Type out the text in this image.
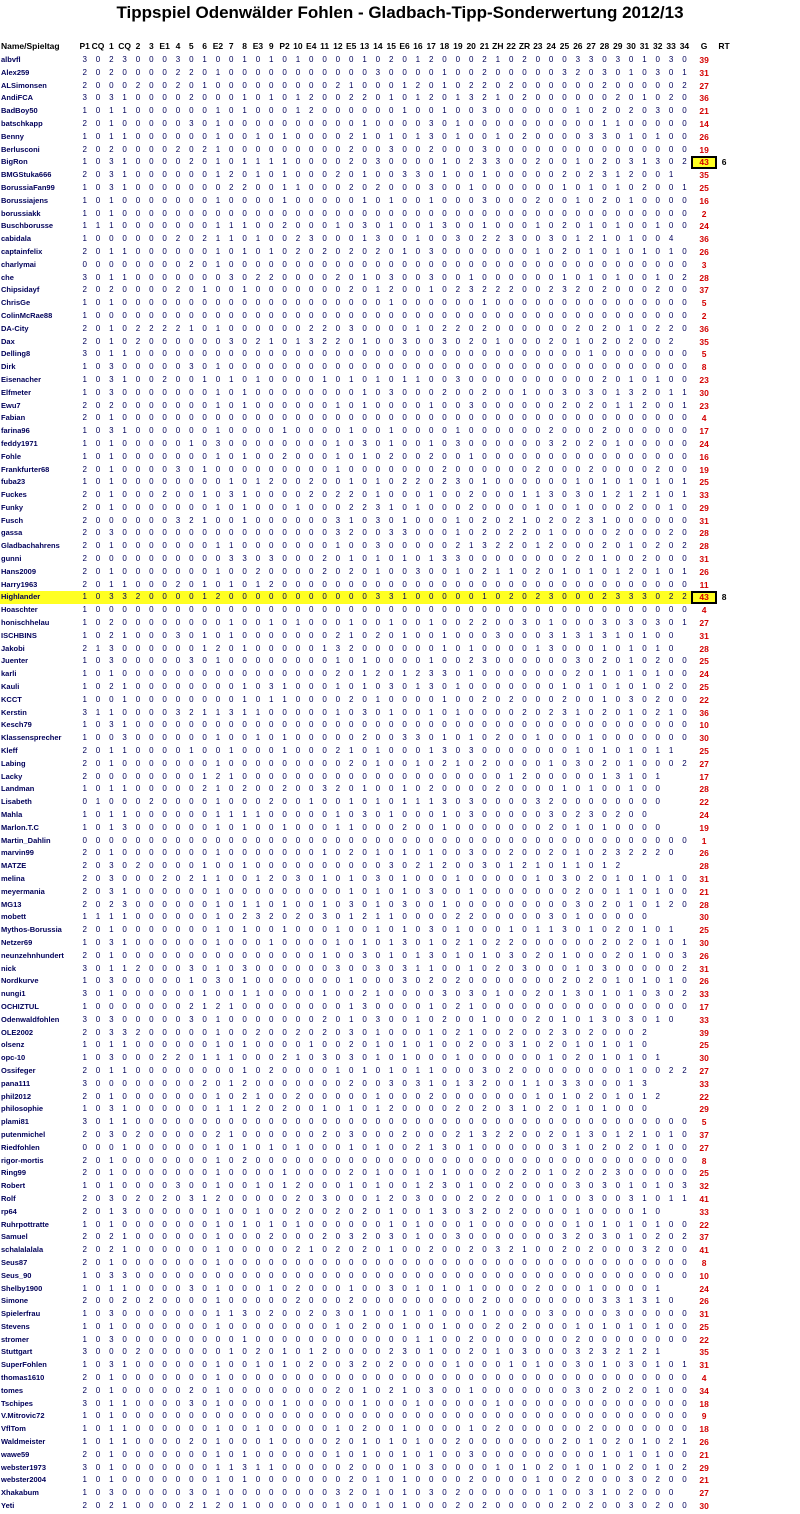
Tippspiel Odenwälder Fohlen - Gladbach-Tipp-Sonderwertung 2012/13
Name/Spieltag	P1	CQ	1	CQ	2	3	E1	4	5	6	E2	7	8	E3	9	P2	10	E4	11	12	E5	13	14	15	E6	16	17	18	19	20	21	ZH	22	ZR	23	24	25	26	27	28	29	30	31	32	33	34	G	RT
albvfl	3	0	2	3	0	0	0	3	0	1	0	0	1	0	1	0	1	0	0	0	0	1	0	2	0	1	2	0	0	0	2	1	0	2	0	0	0	3	3	0	3	0	1	0	3	0	39	
Alex259	2	0	2	0	0	0	0	2	2	0	1	0	0	0	0	0	0	0	0	0	0	0	3	0	0	0	0	1	0	0	2	0	0	0	0	0	3	2	0	3	0	1	0	3	0	1	31	
ALSimonsen	2	0	0	0	2	0	0	2	0	1	0	0	0	0	0	0	0	0	0	2	1	0	0	0	1	2	0	1	0	2	2	0	2	0	0	0	0	0	0	2	0	0	0	0	0	2	27	
AndiFCA	3	0	3	1	0	0	0	0	2	0	0	0	1	0	1	0	1	2	0	0	2	2	0	1	0	1	2	0	1	3	2	1	0	2	0	0	0	0	0	0	2	0	1	0	2	0	36	
BadBoy50	1	0	1	1	0	0	0	0	0	0	1	0	1	0	0	0	1	2	0	0	0	0	0	0	1	0	0	1	0	0	3	0	0	0	0	0	0	1	0	2	0	2	0	3	0	0	21	
batschkapp	2	0	1	0	0	0	0	0	3	0	1	0	0	0	0	0	0	0	0	0	0	1	0	0	0	0	3	0	1	0	0	0	0	0	0	0	0	0	0	1	1	0	0	0	0	0	14	
Benny	1	0	1	1	0	0	0	0	0	0	1	0	0	1	0	1	0	0	0	0	2	1	0	1	0	1	3	0	1	0	0	1	0	2	0	0	0	0	3	3	0	1	0	1	0	0	26	
Berlusconi	2	0	2	0	0	0	0	2	0	2	1	0	0	0	0	0	0	0	0	0	2	0	0	3	0	0	2	0	0	0	3	0	0	0	0	0	0	0	0	0	0	0	0	0	0	0	19	
BigRon	1	0	3	1	0	0	0	0	2	0	1	0	1	1	1	1	0	0	0	0	2	0	3	0	0	0	0	1	0	2	3	3	0	0	2	0	0	1	0	2	0	3	1	3	0	2	43	6
BMGStuka666	2	0	3	1	0	0	0	0	0	0	1	2	0	1	0	1	0	0	0	2	0	1	0	0	3	3	0	1	0	0	1	0	0	0	0	0	2	0	2	3	1	2	0	0	1		35	
BorussiaFan99	1	0	3	1	0	0	0	0	0	0	0	2	2	0	0	1	1	0	0	0	2	0	2	0	0	0	3	0	0	1	0	0	0	0	0	0	1	0	1	0	1	0	2	0	0	1	25	
Borussiajens	1	0	1	0	0	0	0	0	0	0	1	0	0	0	0	1	0	0	0	0	0	1	0	1	0	0	1	0	0	0	3	0	0	0	2	0	0	1	0	2	0	1	0	0	0	0	16	
borussiakk	1	0	1	0	0	0	0	0	0	0	0	0	0	0	0	0	0	0	0	0	0	0	0	0	0	0	0	0	0	0	0	0	0	0	0	0	0	0	0	0	0	0	0	0	0	0	2	
Buschborusse	1	1	1	0	0	0	0	0	0	0	1	1	1	0	0	2	0	0	0	1	0	3	0	1	0	0	1	3	0	0	1	0	0	0	1	0	2	0	1	0	1	0	0	1	0	0	24	
cabidala	1	0	0	0	0	0	0	2	0	2	1	1	0	1	0	0	2	3	0	0	0	1	3	0	0	1	0	0	3	0	2	2	3	0	0	3	0	1	2	1	0	1	0	0	4		36	
captainfelix	2	0	1	1	0	0	0	0	0	0	1	0	1	0	1	0	2	0	2	0	2	0	2	0	1	0	3	0	0	0	0	0	0	0	1	0	2	0	1	0	1	0	1	0	1	0	26	
charlymai	0	0	0	0	0	0	0	0	2	0	1	0	0	0	0	0	0	0	0	0	0	0	0	0	0	0	0	0	0	0	0	0	0	0	0	0	0	0	0	0	0	0	0	0	0	0	3	
che	3	0	1	1	0	0	0	0	0	0	0	3	0	2	2	0	0	0	0	2	0	1	0	3	0	0	3	0	0	1	0	0	0	0	0	0	1	0	1	0	1	0	0	1	0	2	28	
Chipsidayf	2	0	2	0	0	0	0	2	0	1	0	0	1	0	0	0	0	0	0	0	2	0	1	2	0	0	1	0	2	3	2	2	2	0	0	2	3	2	0	2	0	0	0	2	0	0	37	
ChrisGe	1	0	1	0	0	0	0	0	0	0	0	0	0	0	0	0	0	0	0	0	0	0	0	1	0	0	0	0	0	0	1	0	0	0	0	0	0	0	0	0	0	0	0	0	0	0	5	
ColinMcRae88	1	0	0	0	0	0	0	0	0	0	0	0	0	0	0	0	0	0	0	0	0	0	0	0	0	0	0	0	0	0	0	0	0	0	0	0	0	0	0	0	0	0	0	0	0	0	2	
DA-City	2	0	1	0	2	2	2	2	1	0	1	0	0	0	0	0	0	2	2	0	3	0	0	0	0	1	0	2	2	0	2	0	0	0	0	0	0	2	0	2	0	1	0	2	2	0	36	
Dax	2	0	1	0	2	0	0	0	0	0	0	3	0	2	1	0	1	3	2	2	0	1	0	0	3	0	0	3	0	2	0	1	0	0	0	2	0	1	0	2	0	2	0	0	2		35	
Delling8	3	0	1	1	0	0	0	0	0	0	0	0	0	0	0	0	0	0	0	0	0	0	0	0	0	0	0	0	0	0	0	0	0	0	0	0	0	0	1	0	0	0	0	0	0	0	5	
Dirk	1	0	3	0	0	0	0	0	3	0	1	0	0	0	0	0	0	0	0	0	0	0	0	0	0	0	0	0	0	0	0	0	0	0	0	0	0	0	0	0	0	0	0	0	0	0	8	
Eisenacher	1	0	3	1	0	0	2	0	0	1	0	1	0	1	0	0	0	0	1	0	1	0	1	0	1	1	0	0	3	0	0	0	0	0	0	0	0	0	0	2	0	1	0	1	0	0	23	
Elfmeter	1	0	3	0	0	0	0	0	0	0	1	0	1	0	0	0	0	0	0	0	0	1	0	3	0	0	0	2	0	0	2	0	0	1	0	0	3	0	3	0	1	3	2	0	1	1	30	
Ewu7	2	0	2	0	0	0	0	0	0	0	1	0	1	0	0	0	0	0	0	1	0	1	0	0	0	0	1	0	0	3	0	0	0	0	0	0	2	0	2	0	1	1	2	0	0	1	23	
Fabian	2	0	1	0	0	0	0	0	0	0	0	0	0	0	0	0	0	0	0	0	0	0	0	0	0	0	0	0	0	0	0	0	0	0	0	0	0	0	0	0	0	0	0	0	0	0	4	
farina96	1	0	3	1	0	0	0	0	0	0	1	0	0	0	0	1	0	0	0	0	1	0	0	1	0	0	0	0	1	0	0	0	0	0	0	2	0	0	0	2	0	0	0	0	0	0	17	
feddy1971	1	0	1	0	0	0	0	0	1	0	3	0	0	0	0	0	0	0	0	1	0	3	0	1	0	0	1	0	3	0	0	0	0	0	0	3	2	0	2	0	1	0	0	0	0	0	24	
Fohle	1	0	1	0	0	0	0	0	0	0	1	0	1	0	0	2	0	0	0	1	0	1	0	2	0	0	2	0	0	1	0	0	0	0	0	0	0	0	0	0	0	0	0	0	0	0	16	
Frankfurter68	2	0	1	0	0	0	0	3	0	1	0	0	0	0	0	0	0	0	0	1	0	0	0	0	0	0	0	2	0	0	0	0	0	0	2	0	0	0	2	0	0	0	0	2	0	0	19	
fuba23	1	0	1	0	0	0	0	0	0	0	0	1	0	1	2	0	0	2	0	0	1	0	1	0	2	2	0	2	3	0	1	0	0	0	0	0	0	1	0	1	0	1	0	1	0	1	25	
Fuckes	2	0	1	0	0	0	2	0	0	1	0	3	1	0	0	0	0	2	0	2	2	0	1	0	0	0	1	0	0	2	0	0	0	1	1	3	0	3	0	1	2	1	2	1	0	1	33	
Funky	2	0	1	0	0	0	0	0	0	0	1	0	1	0	0	0	1	0	0	0	2	2	3	1	0	1	0	0	0	2	0	0	0	0	1	0	0	1	0	0	0	2	0	0	1	0	29	
Fusch	2	0	0	0	0	0	0	3	2	1	0	0	1	0	0	0	0	0	0	3	1	0	3	0	1	0	0	0	1	0	2	0	2	1	0	2	0	2	3	1	0	0	0	0	0	0	31	
gassa	2	0	3	0	0	0	0	0	0	0	0	0	0	0	0	0	0	0	0	3	2	0	0	3	3	0	0	0	1	0	2	0	2	2	0	1	0	0	0	0	2	0	0	0	2	0	28	
Gladbachahrens	2	0	1	0	0	0	0	0	0	0	1	1	0	0	0	0	0	0	0	1	0	0	3	0	0	0	0	0	2	1	3	2	2	0	1	2	0	0	0	2	0	1	0	2	0	2	28	
gunni	2	0	0	0	0	0	0	0	0	0	0	3	3	0	3	0	0	0	2	0	1	0	1	0	1	0	1	3	3	0	0	0	0	0	0	0	0	2	0	1	0	0	2	0	0	0	31	
Hans2009	2	0	1	0	0	0	0	0	0	0	1	0	0	2	0	0	0	0	2	0	2	0	1	0	0	3	0	0	1	0	2	1	1	0	2	0	1	0	1	0	1	2	0	1	0	1	26	
Harry1963	2	0	1	1	0	0	0	2	0	1	0	1	0	1	2	0	0	0	0	0	0	0	0	0	0	0	0	0	0	0	0	0	0	0	0	0	0	0	0	0	0	0	0	0	0	0	11	
Highlander	1	0	3	3	2	0	0	0	0	1	2	0	0	0	0	0	0	0	0	0	0	0	3	3	1	0	0	0	0	0	1	0	2	0	2	3	0	0	0	2	3	3	3	0	2	2	43	8
Hoaschter	1	0	0	0	0	0	0	0	0	0	0	0	0	0	0	0	0	0	0	0	0	0	0	0	0	0	0	0	0	0	0	0	0	0	0	0	0	0	0	0	0	0	0	0	0	0	4	
honischhelau	1	0	2	0	0	0	0	0	0	0	0	1	0	0	1	0	1	0	0	0	1	0	0	1	0	0	1	0	0	2	2	0	0	3	0	1	0	0	0	3	0	3	0	3	0	1	27	
ISCHBINS	1	0	2	1	0	0	0	3	0	1	0	1	0	0	0	0	0	0	0	2	1	0	2	0	1	0	0	1	0	0	0	3	0	0	0	3	1	3	1	3	1	0	1	0	0		31	
Jakobi	2	1	3	0	0	0	0	0	0	1	2	0	1	0	0	0	0	0	1	3	2	0	0	0	0	0	0	1	0	1	0	0	0	0	1	3	0	0	0	1	0	1	0	1	0		28	
Juenter	1	0	3	0	0	0	0	0	3	0	1	0	0	0	0	0	0	0	0	1	0	1	0	0	0	0	1	0	0	2	3	0	0	0	0	0	0	3	0	2	0	1	0	2	0	0	25	
karli	1	0	1	0	0	0	0	0	0	0	0	0	0	0	0	0	0	0	0	2	0	1	2	0	1	2	3	3	0	1	0	0	0	0	0	0	0	2	0	1	0	1	0	1	0	0	24	
Kauli	1	0	2	1	0	0	0	0	0	0	0	0	1	0	3	1	0	0	0	1	0	1	0	3	0	1	3	0	1	0	0	0	0	0	0	0	1	0	1	0	1	0	1	0	2	0	25	
KCCT	1	0	0	1	0	0	0	0	0	0	0	0	1	0	1	1	0	0	0	0	2	0	1	0	0	0	0	1	0	0	2	0	2	0	0	0	2	0	0	1	0	3	0	2	0	0	22	
Kerstin	3	1	1	0	0	0	0	3	2	1	1	3	1	1	0	0	0	0	0	1	0	3	0	1	0	0	1	0	1	0	0	0	0	2	0	2	3	1	0	2	0	1	0	2	1	0	36	
Kesch79	1	0	3	1	0	0	0	0	0	0	0	0	0	0	0	0	0	0	0	0	0	0	0	0	0	0	0	0	0	0	0	0	0	0	0	0	0	0	0	0	0	0	0	0	0	0	10	
Klassensprecher	1	0	0	3	0	0	0	0	0	0	1	0	0	1	0	1	0	0	0	0	0	2	0	0	3	3	0	1	0	1	0	2	0	0	1	0	0	0	1	0	0	0	0	0	0	0	30	
Kleff	2	0	1	1	0	0	0	0	1	0	0	1	0	0	0	1	0	0	0	2	1	0	1	0	0	0	1	3	0	3	0	0	0	0	0	0	0	1	0	1	0	1	0	1	1		25	
Labing	2	0	1	0	0	0	0	0	0	0	1	0	0	0	0	0	0	0	0	0	2	0	1	0	0	1	0	2	1	0	2	0	0	0	0	1	0	3	0	2	0	1	0	0	0	2	27	
Lacky	2	0	0	0	0	0	0	0	0	1	2	1	0	0	0	0	0	0	0	0	0	0	0	0	0	0	0	0	0	0	0	0	1	2	0	0	0	0	0	1	3	1	0	1			17	
Landman	1	0	1	1	0	0	0	0	0	2	1	0	2	0	0	2	0	0	3	2	0	1	0	0	1	0	2	0	0	0	0	2	0	0	0	0	1	0	1	0	0	1	0	0			28	
Lisabeth	0	1	0	0	0	2	0	0	0	0	1	0	0	0	2	0	0	1	0	0	1	0	1	0	1	1	1	3	0	3	0	0	0	0	3	2	0	0	0	0	0	0	0	0			22	
Mahla	1	0	1	1	0	0	0	0	0	0	1	1	1	1	0	0	0	0	0	1	0	3	0	1	0	0	0	1	0	3	0	0	0	0	0	3	0	2	3	0	2	0	0				24	
Marlon.T.C	1	0	1	3	0	0	0	0	0	0	1	0	1	0	0	1	0	0	0	1	1	0	0	0	2	0	0	1	0	0	0	0	0	0	0	2	0	1	0	1	0	0	0	0			19	
Martin_Dahlin	0	0	0	0	0	0	0	0	0	0	0	0	0	0	0	0	0	0	0	0	0	0	0	0	0	0	0	0	0	0	0	0	0	0	0	0	0	0	0	0	0	0	0	0	0	0	1	
marvin99	2	0	1	0	0	0	0	0	0	0	1	0	0	0	0	0	0	0	1	0	2	0	1	0	1	0	1	0	0	3	0	0	2	0	0	2	0	1	0	2	3	2	2	2	0		26	
MATZE	2	0	3	0	2	0	0	0	0	1	0	0	1	0	0	0	0	0	0	0	0	0	0	3	0	2	1	2	0	0	3	0	1	2	1	0	1	1	0	1	2						28	
melina	2	0	3	0	0	0	2	0	2	1	1	0	0	1	2	0	3	0	1	0	1	0	3	0	1	0	0	0	1	0	0	0	0	0	1	0	3	0	2	0	1	0	1	0	1	0	31	
meyermania	2	0	3	1	0	0	0	0	0	0	1	0	0	0	0	0	0	0	0	0	1	0	1	0	1	0	3	0	0	1	0	0	0	0	0	0	0	2	0	0	1	1	0	1	0	0	21	
MG13	2	0	2	3	0	0	0	0	0	0	1	0	1	1	0	1	0	0	1	0	3	0	1	0	3	0	0	1	0	0	0	0	0	0	0	0	0	3	0	2	0	1	0	1	2	0	28	
mobett	1	1	1	1	0	0	0	0	0	0	1	0	2	3	2	0	2	0	3	0	1	2	1	1	0	0	0	0	2	2	0	0	0	0	0	3	0	1	0	0	0	0	0				30	
Mythos-Borussia	2	0	1	0	0	0	0	0	0	0	1	0	1	0	0	1	0	0	0	1	0	0	1	0	1	0	3	0	1	0	0	0	1	0	1	1	3	0	1	0	2	0	1	0	1		25	
Netzer69	1	0	3	1	0	0	0	0	0	0	1	0	0	0	1	0	0	0	0	1	0	1	0	1	3	0	1	0	2	1	0	2	2	0	0	0	0	0	0	2	0	2	0	1	0	1	30	
neunzehnhundert	2	0	1	0	0	0	0	0	0	0	0	0	0	0	0	0	0	0	1	0	0	3	0	1	0	1	3	0	1	0	1	0	3	0	2	0	1	0	0	0	2	0	1	0	0	3	26	
nick	3	0	1	1	2	0	0	0	3	0	1	0	3	0	0	0	0	0	0	3	0	0	3	0	3	1	1	0	0	1	0	2	0	3	0	0	0	1	0	3	0	0	0	0	0	2	31	
Nordkurve	1	0	3	0	0	0	0	0	1	0	3	0	1	0	0	0	0	0	0	0	1	0	0	0	3	0	2	0	2	0	0	0	0	0	0	0	2	0	2	0	1	0	1	0	1	0	26	
nungi1	3	0	1	0	0	0	0	0	0	1	0	0	1	1	0	0	0	0	1	0	0	2	1	0	0	0	0	3	0	3	0	1	0	0	2	0	1	3	0	1	0	1	0	3	0	2	33	
OCHIZTUL	1	0	0	0	0	0	0	0	2	1	2	1	0	0	0	0	0	0	0	0	1	3	0	0	0	0	1	0	2	1	0	0	0	0	0	0	0	0	0	0	0	0	0	0	0	0	17	
Odenwaldfohlen	3	0	3	0	0	0	0	0	3	0	1	0	0	0	0	0	0	0	2	0	1	0	3	0	0	1	0	2	0	0	1	0	0	0	2	0	1	0	1	3	0	3	0	1	0		33	
OLE2002	2	0	3	3	2	0	0	0	0	0	1	0	0	2	0	0	2	0	2	0	3	0	1	0	0	0	1	0	2	1	0	0	2	0	0	2	3	0	2	0	0	0	2				39	
olsenz	1	0	1	1	0	0	0	0	0	0	1	0	1	0	0	0	0	1	0	0	2	0	1	0	1	0	1	0	0	2	0	0	3	1	0	2	0	1	0	1	0	1	0				25	
opc-10	1	0	3	0	0	0	2	2	0	1	1	1	0	0	0	2	1	0	3	0	3	0	1	0	1	0	0	0	1	0	0	0	0	0	0	1	0	2	0	1	0	1	0	1			30	
Ossifeger	2	0	1	1	0	0	0	0	0	0	0	0	1	0	2	0	0	0	0	1	0	1	0	1	0	1	1	0	0	0	3	0	2	0	0	0	0	0	0	0	0	1	0	0	2	2	27	
pana111	3	0	0	0	0	0	0	0	0	2	0	1	2	0	0	0	0	0	0	0	2	0	0	3	0	3	1	0	1	3	2	0	0	1	1	0	3	3	0	0	0	1	3				33	
phil2012	2	0	1	0	0	0	0	0	0	0	1	0	2	1	0	0	2	0	0	0	0	0	1	0	0	0	2	0	0	0	0	0	0	0	1	0	1	0	2	0	1	0	1	2			22	
philosophie	1	0	3	1	0	0	0	0	0	0	1	1	1	2	0	2	0	0	1	0	1	0	1	2	0	0	0	0	2	0	2	0	3	1	0	2	0	1	0	1	0	0	0				29	
plami81	3	0	1	1	0	0	0	0	0	0	0	0	0	0	0	0	0	0	0	0	0	0	0	0	0	0	0	0	0	0	0	0	0	0	0	0	0	0	0	0	0	0	0	0	0	0	5	
putenmichel	2	0	3	0	2	0	0	0	0	0	2	1	0	0	0	0	0	0	2	0	3	0	0	0	2	0	0	0	2	1	3	2	2	0	0	2	0	1	3	0	1	2	1	0	1	0	37	
Riedfohlen	0	0	0	1	0	0	0	0	0	0	1	0	1	0	1	0	1	0	0	0	1	0	1	0	0	2	1	3	0	1	0	0	0	0	0	0	3	1	0	2	0	2	0	1	0	0	27	
rigor-mortis	2	0	1	0	0	0	0	0	0	0	1	0	2	0	0	0	0	0	0	0	0	0	0	0	0	0	0	0	0	0	0	0	0	0	0	0	0	0	0	0	0	0	0	0	0	0	8	
Ring99	2	0	1	0	0	0	0	0	0	0	1	0	0	0	0	1	0	0	0	0	2	0	1	0	0	1	0	1	0	0	0	2	0	2	0	1	0	2	0	2	3	0	0	0	0	0	25	
Robert	1	0	1	0	0	0	0	3	0	0	1	0	0	1	0	1	2	0	0	0	1	0	1	0	0	1	2	3	0	1	0	0	2	0	0	0	0	3	0	3	0	1	0	1	0	3	32	
Rolf	2	0	3	0	2	0	2	0	3	1	2	0	0	0	0	0	2	0	3	0	0	0	1	2	0	3	0	0	0	2	0	2	0	0	0	1	0	0	3	0	0	3	1	0	1	1	41	
rp64	2	0	1	3	0	0	0	0	0	0	1	0	0	1	0	0	2	0	0	2	0	2	0	1	0	0	1	3	0	3	2	0	2	0	0	0	0	1	0	0	0	0	1	0			33	
Ruhrpottratte	1	0	1	0	0	0	0	0	0	0	1	0	1	0	1	0	1	0	0	0	0	0	0	1	0	1	0	0	0	1	0	0	0	0	0	0	0	1	0	1	0	1	0	1	0	0	22	
Samuel	2	0	2	1	0	0	0	0	0	0	1	0	0	0	2	0	0	0	2	0	3	2	0	3	0	1	0	0	3	0	0	0	0	0	0	0	3	2	0	3	0	1	0	2	0	2	37	
schalalalala	2	0	2	1	0	0	0	0	0	0	1	0	0	0	0	0	2	1	0	2	0	2	0	1	0	0	2	0	0	2	0	3	2	1	0	0	2	0	2	0	0	0	3	2	0	0	41	
Seus87	2	0	1	0	0	0	0	0	0	0	1	0	0	0	0	0	0	0	0	0	0	0	0	0	0	0	0	0	0	0	0	0	0	0	0	0	0	0	0	0	0	0	0	0	0	0	8	
Seus_90	1	0	3	3	0	0	0	0	0	0	0	0	0	0	0	0	0	0	0	0	0	0	0	0	0	0	0	0	0	0	0	0	0	0	0	0	0	0	0	0	0	0	0	0	0	0	10	
Shelby1900	1	0	1	1	0	0	0	0	3	0	1	0	0	0	1	0	2	0	0	0	1	0	0	3	0	1	0	1	0	1	0	0	0	0	2	0	0	0	1	0	0	0	0	1			24	
Simone	2	0	0	2	0	2	0	0	0	0	1	0	0	0	0	0	2	0	0	0	2	0	0	0	0	0	0	0	0	0	2	0	0	0	0	0	0	0	0	3	3	1	3	1	0		26	
Spielerfrau	1	0	3	0	0	0	0	0	0	0	1	1	3	0	2	0	0	2	0	3	0	1	0	0	1	0	1	0	0	0	1	0	0	0	0	3	0	0	0	0	3	0	0	0	0	0	31	
Stevens	1	0	1	0	0	0	0	0	0	0	1	0	0	0	0	0	0	0	0	1	0	2	0	0	1	0	0	1	0	0	0	2	0	2	0	0	0	1	0	1	0	1	0	1	0	0	25	
stromer	1	0	3	0	0	0	0	0	0	0	0	0	1	0	0	0	0	0	0	0	0	0	0	0	0	1	1	0	0	2	0	0	0	0	0	0	0	2	0	0	0	0	0	0	0	0	22	
Stuttgart	3	0	0	0	2	0	0	0	0	0	0	1	0	2	0	1	0	1	2	0	0	0	0	2	3	0	1	0	0	2	0	1	0	3	0	0	0	3	2	3	2	1	2	1			35	
SuperFohlen	1	0	3	1	0	0	0	0	0	0	1	0	0	1	0	1	0	2	0	0	3	2	0	2	0	0	0	0	1	0	0	0	1	0	1	0	0	3	0	1	0	3	0	1	0	1	31	
thomas1610	2	0	1	0	0	0	0	0	0	0	1	0	0	0	0	0	0	0	0	0	0	0	0	0	0	0	0	0	0	0	0	0	0	0	0	0	0	0	0	0	0	0	0	0	0	0	4	
tomes	2	0	1	0	0	0	0	0	2	0	1	0	0	0	0	0	0	0	0	2	0	1	0	2	1	0	3	0	0	1	0	0	0	0	0	0	0	3	0	2	0	2	0	1	0	0	34	
Tschipes	3	0	1	1	0	0	0	0	3	0	1	0	0	0	0	1	0	0	0	0	0	1	0	0	0	1	0	0	0	0	0	1	0	0	0	0	0	0	0	0	0	0	0	0	0	0	18	
V.Mitrovic72	1	0	1	0	0	0	0	0	0	0	0	0	0	0	0	0	0	0	0	0	0	0	0	0	0	0	0	0	0	0	0	0	0	0	0	0	0	0	0	0	0	0	0	0	0	0	9	
VflTom	1	0	1	1	0	0	0	0	0	0	1	0	0	1	0	0	0	0	0	1	0	2	0	0	1	0	0	0	0	1	0	2	0	0	0	0	0	0	2	0	0	0	0	0	0	0	18	
Waldmeister	1	0	1	1	0	0	0	0	2	0	1	0	0	0	1	0	0	0	0	2	0	1	0	1	0	1	0	0	2	0	0	0	0	0	0	0	2	0	1	0	2	0	1	0	2	1	26	
wawe59	2	0	1	0	0	0	0	0	0	0	1	0	1	0	0	0	0	0	0	1	0	1	0	0	1	0	1	0	0	3	0	0	0	0	0	0	0	0	0	1	0	1	0	1	0	0	21	
webster1973	3	0	1	0	0	0	0	0	0	0	1	1	3	1	1	0	0	0	0	0	2	0	0	0	1	0	3	0	0	0	0	1	0	1	0	2	0	1	0	1	0	2	0	1	0	2	29	
webster2004	1	0	1	0	0	0	0	0	0	0	1	0	1	0	0	0	0	0	0	0	2	0	1	0	1	0	0	0	0	2	0	0	0	0	1	0	0	2	0	0	0	3	0	2	0	0	21	
Xhakabum	1	0	3	0	0	0	0	0	3	0	1	0	0	0	0	0	0	0	0	3	2	0	1	0	1	0	3	0	2	0	0	0	0	0	0	1	0	0	3	1	0	2	0	0	0		27	
Yeti	2	0	2	1	0	0	0	0	2	1	2	0	1	0	0	0	0	0	0	1	0	0	1	0	1	0	0	0	2	0	2	0	0	0	0	0	2	0	2	0	0	3	0	2	0	0	30	
